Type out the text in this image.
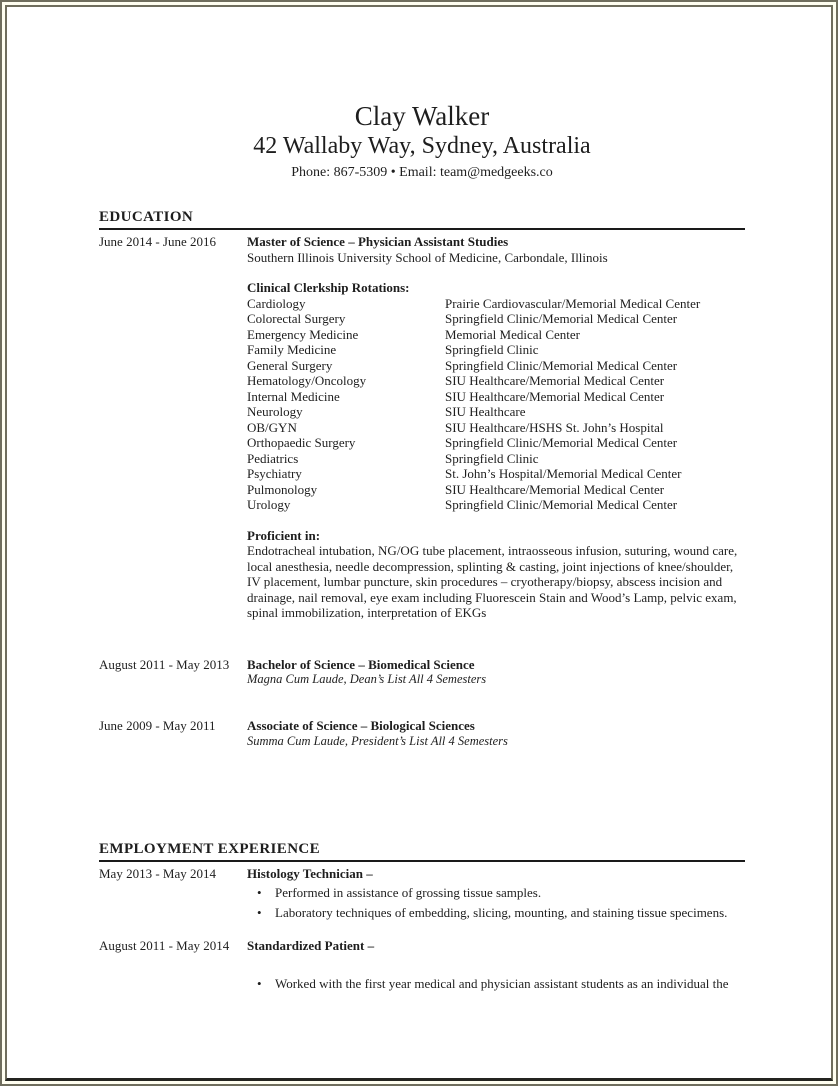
Clay Walker
42 Wallaby Way, Sydney, Australia
Phone: 867-5309 • Email: team@medgeeks.co
EDUCATION
June 2014 - June 2016	Master of Science – Physician Assistant Studies
Southern Illinois University School of Medicine, Carbondale, Illinois
Clinical Clerkship Rotations:
Cardiology	Prairie Cardiovascular/Memorial Medical Center
Colorectal Surgery	Springfield Clinic/Memorial Medical Center
Emergency Medicine	Memorial Medical Center
Family Medicine	Springfield Clinic
General Surgery	Springfield Clinic/Memorial Medical Center
Hematology/Oncology	SIU Healthcare/Memorial Medical Center
Internal Medicine	SIU Healthcare/Memorial Medical Center
Neurology	SIU Healthcare
OB/GYN	SIU Healthcare/HSHS St. John’s Hospital
Orthopaedic Surgery	Springfield Clinic/Memorial Medical Center
Pediatrics	Springfield Clinic
Psychiatry	St. John’s Hospital/Memorial Medical Center
Pulmonology	SIU Healthcare/Memorial Medical Center
Urology	Springfield Clinic/Memorial Medical Center
Proficient in:
Endotracheal intubation, NG/OG tube placement, intraosseous infusion, suturing, wound care, local anesthesia, needle decompression, splinting & casting, joint injections of knee/shoulder, IV placement, lumbar puncture, skin procedures – cryotherapy/biopsy, abscess incision and drainage, nail removal, eye exam including Fluorescein Stain and Wood’s Lamp, pelvic exam, spinal immobilization, interpretation of EKGs
August 2011 - May 2013	Bachelor of Science – Biomedical Science
Magna Cum Laude, Dean’s List All 4 Semesters
June 2009 - May 2011	Associate of Science – Biological Sciences
Summa Cum Laude, President’s List All 4 Semesters
EMPLOYMENT EXPERIENCE
May 2013 - May 2014	Histology Technician –
•
Performed in assistance of grossing tissue samples.
•
Laboratory techniques of embedding, slicing, mounting, and staining tissue specimens.
August 2011 - May 2014	Standardized Patient –
•
Worked with the first year medical and physician assistant students as an individual the
